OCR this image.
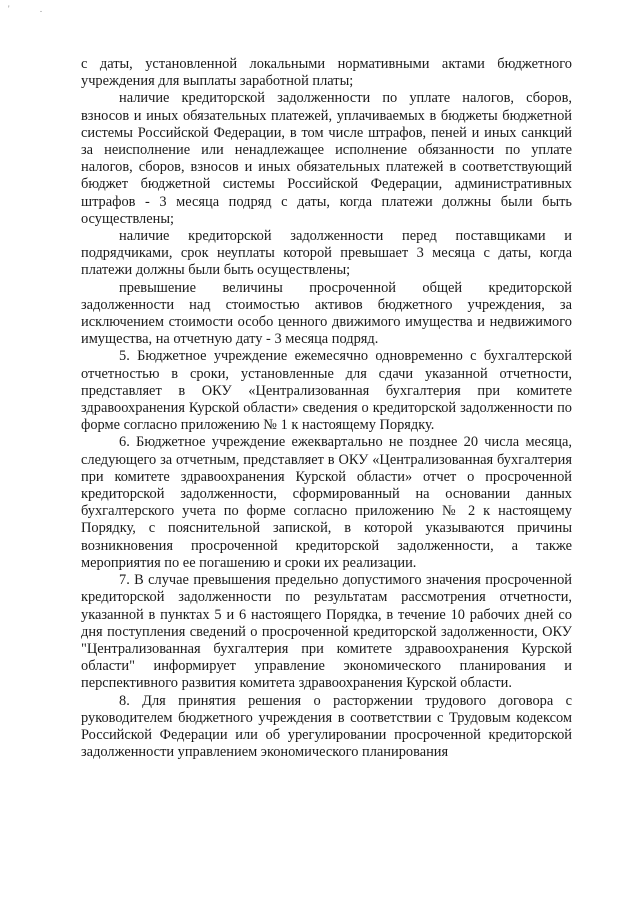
' .

с даты, установленной локальными нормативными актами бюджетного учреждения для выплаты заработной платы;

наличие кредиторской задолженности по уплате налогов, сборов, взносов и иных обязательных платежей, уплачиваемых в бюджеты бюджетной системы Российской Федерации, в том числе штрафов, пеней и иных санкций за неисполнение или ненадлежащее исполнение обязанности по уплате налогов, сборов, взносов и иных обязательных платежей в соответствующий бюджет бюджетной системы Российской Федерации, административных штрафов - 3 месяца подряд с даты, когда платежи должны были быть осуществлены;

наличие кредиторской задолженности перед поставщиками и подрядчиками, срок неуплаты которой превышает 3 месяца с даты, когда платежи должны были быть осуществлены;

превышение величины просроченной общей кредиторской задолженности над стоимостью активов бюджетного учреждения, за исключением стоимости особо ценного движимого имущества и недвижимого имущества, на отчетную дату - 3 месяца подряд.

5. Бюджетное учреждение ежемесячно одновременно с бухгалтерской отчетностью в сроки, установленные для сдачи указанной отчетности, представляет в ОКУ «Централизованная бухгалтерия при комитете здравоохранения Курской области» сведения о кредиторской задолженности по форме согласно приложению № 1 к настоящему Порядку.

6. Бюджетное учреждение ежеквартально не позднее 20 числа месяца, следующего за отчетным, представляет в ОКУ «Централизованная бухгалтерия при комитете здравоохранения Курской области» отчет о просроченной кредиторской задолженности, сформированный на основании данных бухгалтерского учета по форме согласно приложению № 2 к настоящему Порядку, с пояснительной запиской, в которой указываются причины возникновения просроченной кредиторской задолженности, а также мероприятия по ее погашению и сроки их реализации.

7. В случае превышения предельно допустимого значения просроченной кредиторской задолженности по результатам рассмотрения отчетности, указанной в пунктах 5 и 6 настоящего Порядка, в течение 10 рабочих дней со дня поступления сведений о просроченной кредиторской задолженности, ОКУ "Централизованная бухгалтерия при комитете здравоохранения Курской области" информирует управление экономического планирования и перспективного развития комитета здравоохранения Курской области.

8. Для принятия решения о расторжении трудового договора с руководителем бюджетного учреждения в соответствии с Трудовым кодексом Российской Федерации или об урегулировании просроченной кредиторской задолженности управлением экономического планирования
